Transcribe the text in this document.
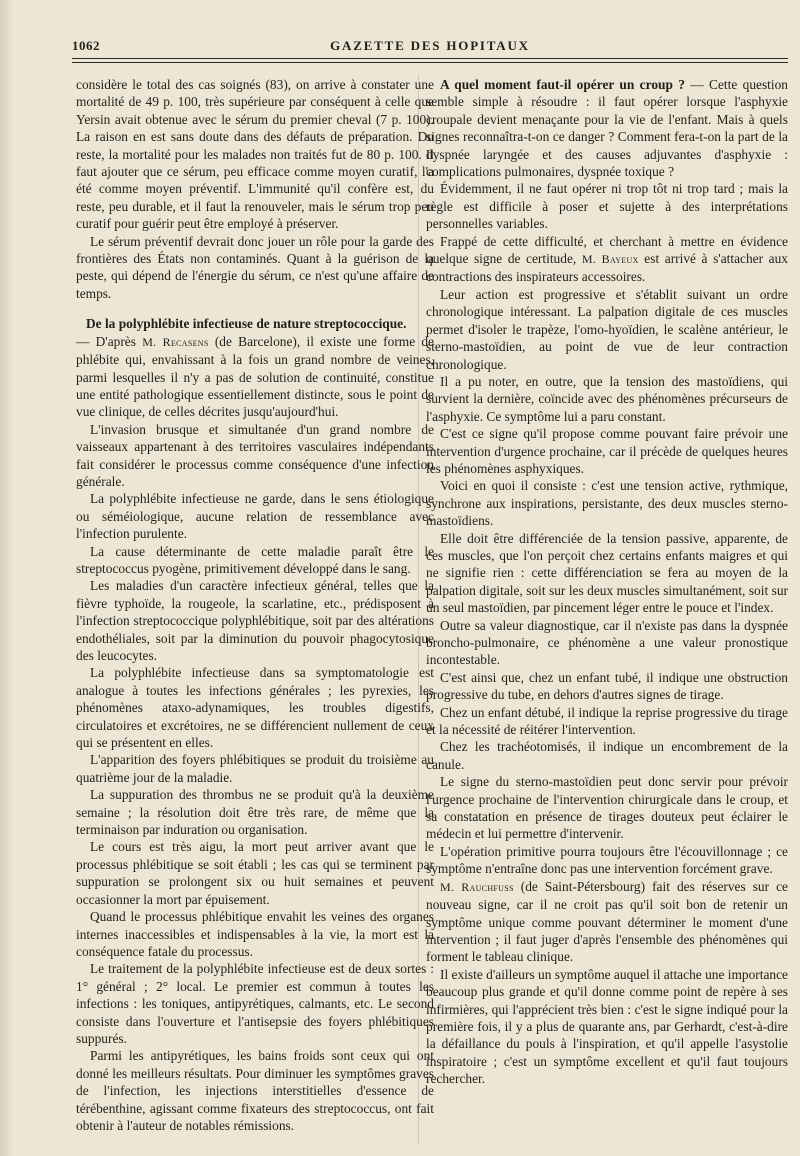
1062	GAZETTE DES HOPITAUX

considère le total des cas soignés (83), on arrive à constater une mortalité de 49 p. 100, très supérieure par conséquent à celle que Yersin avait obtenue avec le sérum du premier cheval (7 p. 100). La raison en est sans doute dans des défauts de préparation. Du reste, la mortalité pour les malades non traités fut de 80 p. 100. Il faut ajouter que ce sérum, peu efficace comme moyen curatif, l'a été comme moyen préventif. L'immunité qu'il confère est, du reste, peu durable, et il faut la renouveler, mais le sérum trop peu curatif pour guérir peut être employé à préserver.

Le sérum préventif devrait donc jouer un rôle pour la garde des frontières des États non contaminés. Quant à la guérison de la peste, qui dépend de l'énergie du sérum, ce n'est qu'une affaire de temps.

De la polyphlébite infectieuse de nature streptococcique.

— D'après M. Recasens (de Barcelone), il existe une forme de phlébite qui, envahissant à la fois un grand nombre de veines, parmi lesquelles il n'y a pas de solution de continuité, constitue une entité pathologique essentiellement distincte, sous le point de vue clinique, de celles décrites jusqu'aujourd'hui.

L'invasion brusque et simultanée d'un grand nombre de vaisseaux appartenant à des territoires vasculaires indépendants fait considérer le processus comme conséquence d'une infection générale.

La polyphlébite infectieuse ne garde, dans le sens étiologique ou séméiologique, aucune relation de ressemblance avec l'infection purulente.

La cause déterminante de cette maladie paraît être le streptococcus pyogène, primitivement développé dans le sang.

Les maladies d'un caractère infectieux général, telles que la fièvre typhoïde, la rougeole, la scarlatine, etc., prédisposent à l'infection streptococcique polyphlébitique, soit par des altérations endothéliales, soit par la diminution du pouvoir phagocytosique des leucocytes.

La polyphlébite infectieuse dans sa symptomatologie est analogue à toutes les infections générales ; les pyrexies, les phénomènes ataxo-adynamiques, les troubles digestifs, circulatoires et excrétoires, ne se différencient nullement de ceux qui se présentent en elles.

L'apparition des foyers phlébitiques se produit du troisième au quatrième jour de la maladie.

La suppuration des thrombus ne se produit qu'à la deuxième semaine ; la résolution doit être très rare, de même que la terminaison par induration ou organisation.

Le cours est très aigu, la mort peut arriver avant que le processus phlébitique se soit établi ; les cas qui se terminent par suppuration se prolongent six ou huit semaines et peuvent occasionner la mort par épuisement.

Quand le processus phlébitique envahit les veines des organes internes inaccessibles et indispensables à la vie, la mort est la conséquence fatale du processus.

Le traitement de la polyphlébite infectieuse est de deux sortes : 1° général ; 2° local. Le premier est commun à toutes les infections : les toniques, antipyrétiques, calmants, etc. Le second consiste dans l'ouverture et l'antisepsie des foyers phlébitiques suppurés.

Parmi les antipyrétiques, les bains froids sont ceux qui ont donné les meilleurs résultats. Pour diminuer les symptômes graves de l'infection, les injections interstitielles d'essence de térébenthine, agissant comme fixateurs des streptococcus, ont fait obtenir à l'auteur de notables rémissions.

A quel moment faut-il opérer un croup ? — Cette question semble simple à résoudre : il faut opérer lorsque l'asphyxie croupale devient menaçante pour la vie de l'enfant. Mais à quels signes reconnaîtra-t-on ce danger ? Comment fera-t-on la part de la dyspnée laryngée et des causes adjuvantes d'asphyxie : complications pulmonaires, dyspnée toxique ?

Évidemment, il ne faut opérer ni trop tôt ni trop tard ; mais la règle est difficile à poser et sujette à des interprétations personnelles variables.

Frappé de cette difficulté, et cherchant à mettre en évidence quelque signe de certitude, M. Bayeux est arrivé à s'attacher aux contractions des inspirateurs accessoires.

Leur action est progressive et s'établit suivant un ordre chronologique intéressant. La palpation digitale de ces muscles permet d'isoler le trapèze, l'omo-hyoïdien, le scalène antérieur, le sterno-mastoïdien, au point de vue de leur contraction chronologique.

Il a pu noter, en outre, que la tension des mastoïdiens, qui survient la dernière, coïncide avec des phénomènes précurseurs de l'asphyxie. Ce symptôme lui a paru constant.

C'est ce signe qu'il propose comme pouvant faire prévoir une intervention d'urgence prochaine, car il précède de quelques heures les phénomènes asphyxiques.

Voici en quoi il consiste : c'est une tension active, rythmique, synchrone aux inspirations, persistante, des deux muscles sterno-mastoïdiens.

Elle doit être différenciée de la tension passive, apparente, de ces muscles, que l'on perçoit chez certains enfants maigres et qui ne signifie rien : cette différenciation se fera au moyen de la palpation digitale, soit sur les deux muscles simultanément, soit sur un seul mastoïdien, par pincement léger entre le pouce et l'index.

Outre sa valeur diagnostique, car il n'existe pas dans la dyspnée broncho-pulmonaire, ce phénomène a une valeur pronostique incontestable.

C'est ainsi que, chez un enfant tubé, il indique une obstruction progressive du tube, en dehors d'autres signes de tirage.

Chez un enfant détubé, il indique la reprise progressive du tirage et la nécessité de réitérer l'intervention.

Chez les trachéotomisés, il indique un encombrement de la canule.

Le signe du sterno-mastoïdien peut donc servir pour prévoir l'urgence prochaine de l'intervention chirurgicale dans le croup, et sa constatation en présence de tirages douteux peut éclairer le médecin et lui permettre d'intervenir.

L'opération primitive pourra toujours être l'écouvillonnage ; ce symptôme n'entraîne donc pas une intervention forcément grave.

M. Rauchfuss (de Saint-Pétersbourg) fait des réserves sur ce nouveau signe, car il ne croit pas qu'il soit bon de retenir un symptôme unique comme pouvant déterminer le moment d'une intervention ; il faut juger d'après l'ensemble des phénomènes qui forment le tableau clinique.

Il existe d'ailleurs un symptôme auquel il attache une importance beaucoup plus grande et qu'il donne comme point de repère à ses infirmières, qui l'apprécient très bien : c'est le signe indiqué pour la première fois, il y a plus de quarante ans, par Gerhardt, c'est-à-dire la défaillance du pouls à l'inspiration, et qu'il appelle l'asystolie inspiratoire ; c'est un symptôme excellent et qu'il faut toujours rechercher.
